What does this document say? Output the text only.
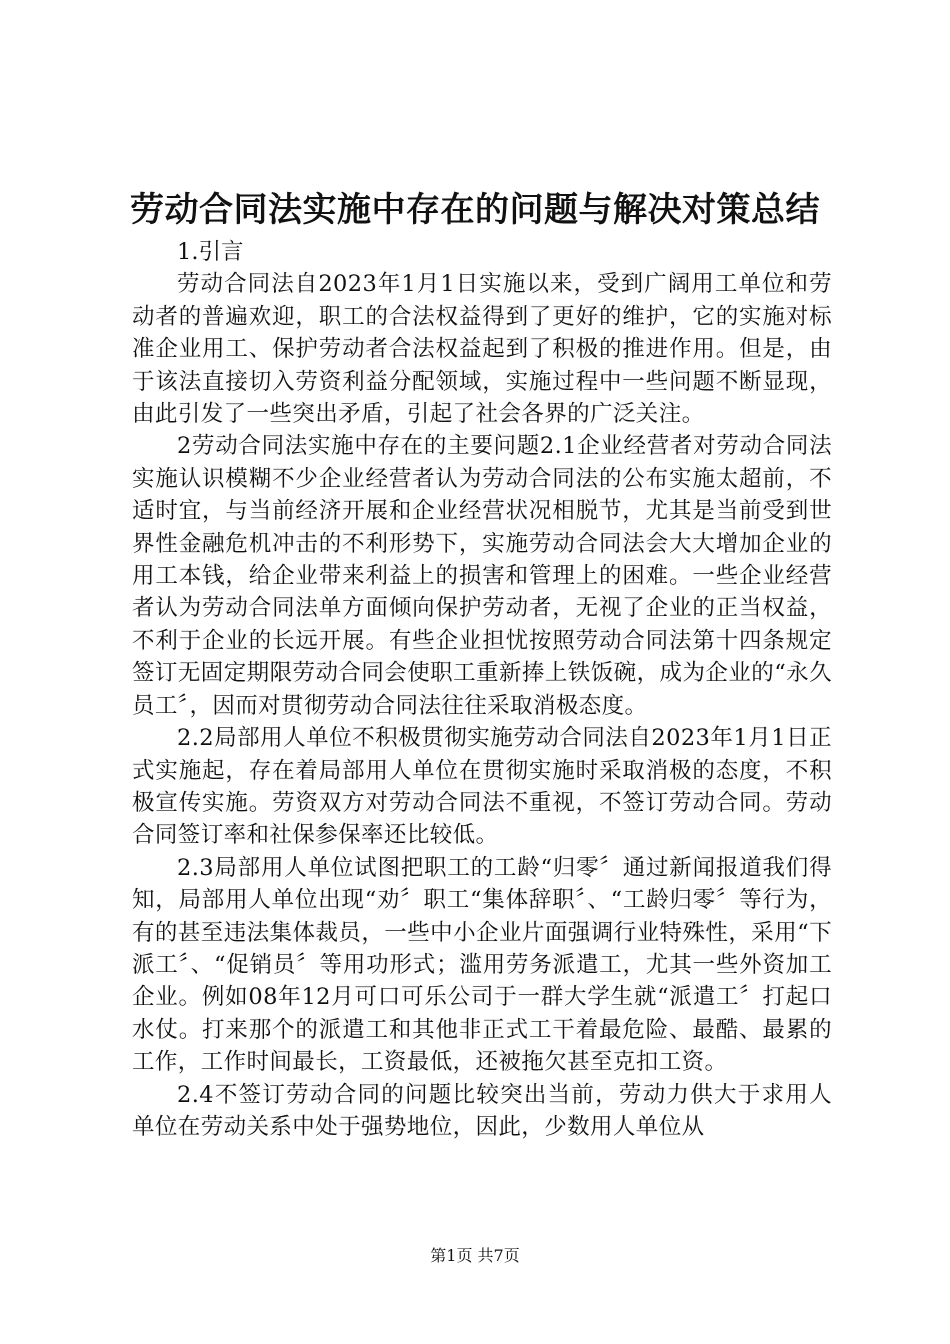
劳动合同法实施中存在的问题与解决对策总结

1.引言

劳动合同法自2023年1月1日实施以来，受到广阔用工单位和劳动者的普遍欢迎，职工的合法权益得到了更好的维护，它的实施对标准企业用工、保护劳动者合法权益起到了积极的推进作用。但是，由于该法直接切入劳资利益分配领域，实施过程中一些问题不断显现，由此引发了一些突出矛盾，引起了社会各界的广泛关注。

2劳动合同法实施中存在的主要问题2.1企业经营者对劳动合同法实施认识模糊不少企业经营者认为劳动合同法的公布实施太超前，不适时宜，与当前经济开展和企业经营状况相脱节，尤其是当前受到世界性金融危机冲击的不利形势下，实施劳动合同法会大大增加企业的用工本钱，给企业带来利益上的损害和管理上的困难。一些企业经营者认为劳动合同法单方面倾向保护劳动者，无视了企业的正当权益，不利于企业的长远开展。有些企业担忧按照劳动合同法第十四条规定签订无固定期限劳动合同会使职工重新捧上铁饭碗，成为企业的“永久员工〞，因而对贯彻劳动合同法往往采取消极态度。

2.2局部用人单位不积极贯彻实施劳动合同法自2023年1月1日正式实施起，存在着局部用人单位在贯彻实施时采取消极的态度，不积极宣传实施。劳资双方对劳动合同法不重视，不签订劳动合同。劳动合同签订率和社保参保率还比较低。

2.3局部用人单位试图把职工的工龄“归零〞通过新闻报道我们得知，局部用人单位出现“劝〞职工“集体辞职〞、“工龄归零〞等行为，有的甚至违法集体裁员，一些中小企业片面强调行业特殊性，采用“下派工〞、“促销员〞等用功形式；滥用劳务派遣工，尤其一些外资加工企业。例如08年12月可口可乐公司于一群大学生就“派遣工〞打起口水仗。打来那个的派遣工和其他非正式工干着最危险、最酷、最累的工作，工作时间最长，工资最低，还被拖欠甚至克扣工资。

2.4不签订劳动合同的问题比较突出当前，劳动力供大于求用人单位在劳动关系中处于强势地位，因此，少数用人单位从

第1页 共7页
